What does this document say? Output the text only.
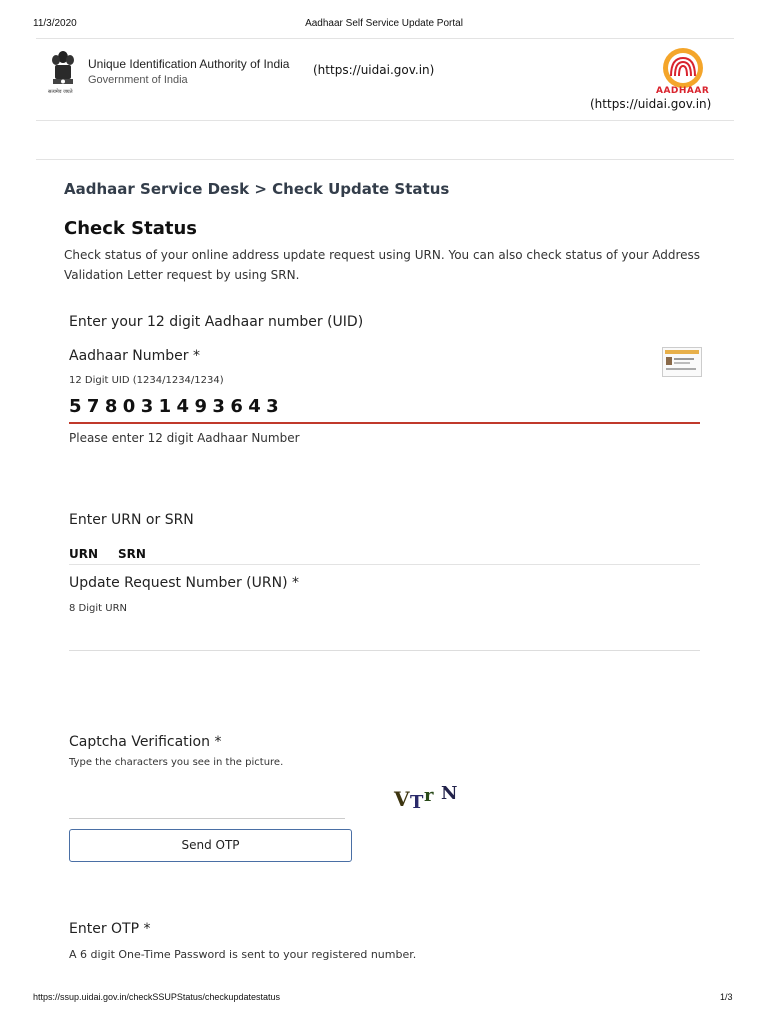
11/3/2020	Aadhaar Self Service Update Portal
सत्यमेव जयते
Unique Identification Authority of India (https://uidai.gov.in)
Government of India
AADHAAR
(https://uidai.gov.in)
Aadhaar Service Desk > Check Update Status
Check Status
Check status of your online address update request using URN. You can also check status of your Address Validation Letter request by using SRN.
Enter your 12 digit Aadhaar number (UID)
Aadhaar Number *
12 Digit UID (1234/1234/1234)
578031493643
Please enter 12 digit Aadhaar Number
Enter URN or SRN
URN SRN
Update Request Number (URN) *
8 Digit URN
Captcha Verification *
Type the characters you see in the picture.
V T r N
Send OTP
Enter OTP *
A 6 digit One-Time Password is sent to your registered number.
https://ssup.uidai.gov.in/checkSSUPStatus/checkupdatestatus	1/3
